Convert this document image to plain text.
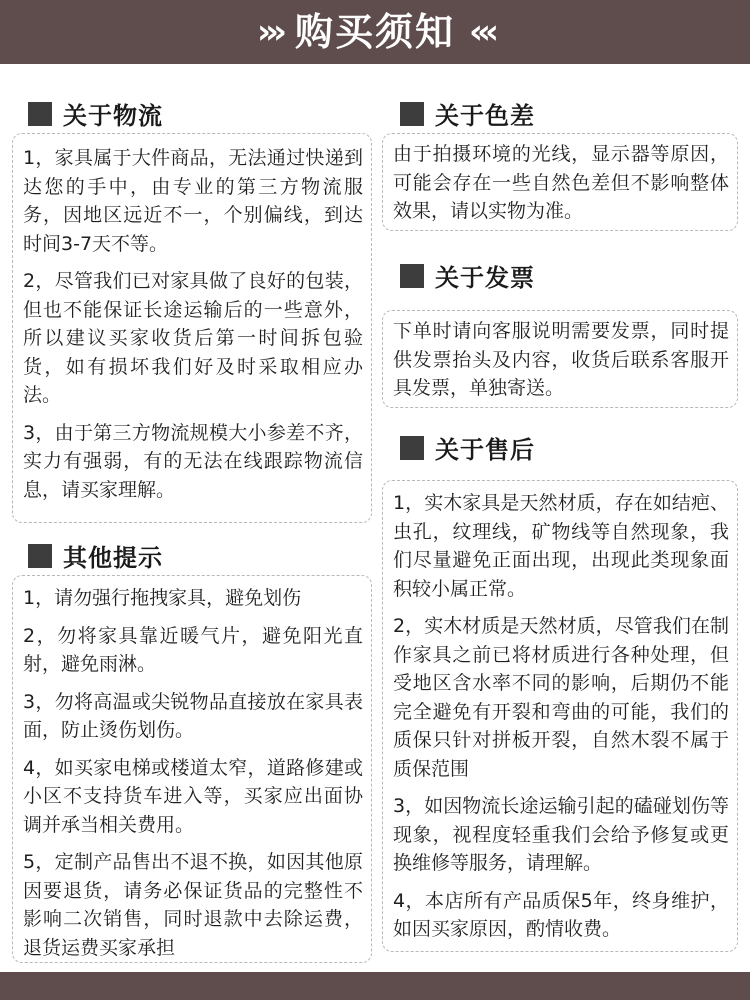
››› 购买须知 ‹‹‹
关于物流

1，家具属于大件商品，无法通过快递到达您的手中，由专业的第三方物流服务，因地区远近不一，个别偏线，到达时间3-7天不等。

2，尽管我们已对家具做了良好的包装，但也不能保证长途运输后的一些意外，所以建议买家收货后第一时间拆包验货，如有损坏我们好及时采取相应办法。

3，由于第三方物流规模大小参差不齐，实力有强弱，有的无法在线跟踪物流信息，请买家理解。

其他提示

1，请勿强行拖拽家具，避免划伤

2，勿将家具靠近暖气片，避免阳光直射，避免雨淋。

3，勿将高温或尖锐物品直接放在家具表面，防止烫伤划伤。

4，如买家电梯或楼道太窄，道路修建或小区不支持货车进入等，买家应出面协调并承当相关费用。

5，定制产品售出不退不换，如因其他原因要退货，请务必保证货品的完整性不影响二次销售，同时退款中去除运费，退货运费买家承担

关于色差

由于拍摄环境的光线，显示器等原因，可能会存在一些自然色差但不影响整体效果，请以实物为准。

关于发票

下单时请向客服说明需要发票，同时提供发票抬头及内容，收货后联系客服开具发票，单独寄送。

关于售后

1，实木家具是天然材质，存在如结疤、虫孔，纹理线，矿物线等自然现象，我们尽量避免正面出现，出现此类现象面积较小属正常。

2，实木材质是天然材质，尽管我们在制作家具之前已将材质进行各种处理，但受地区含水率不同的影响，后期仍不能完全避免有开裂和弯曲的可能，我们的质保只针对拼板开裂，自然木裂不属于质保范围

3，如因物流长途运输引起的磕碰划伤等现象，视程度轻重我们会给予修复或更换维修等服务，请理解。

4，本店所有产品质保5年，终身维护，如因买家原因，酌情收费。
